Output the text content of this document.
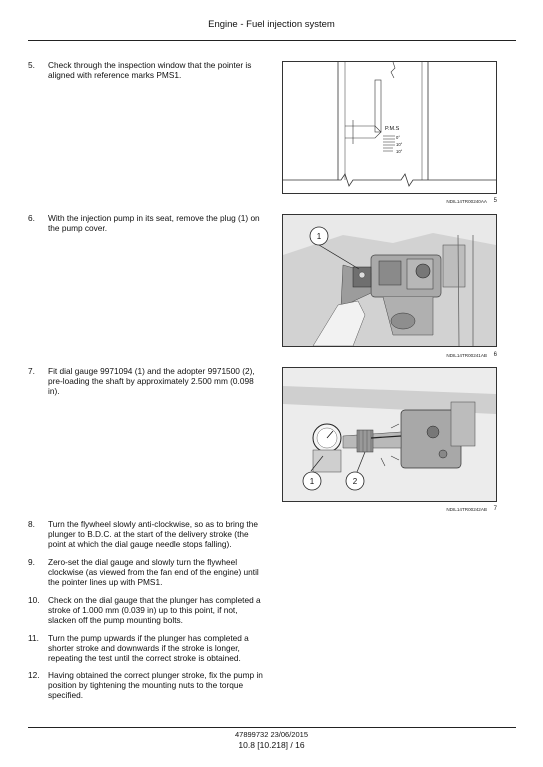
Engine - Fuel injection system
5. Check through the inspection window that the pointer is aligned with reference marks PMS1.
6. With the injection pump in its seat, remove the plug (1) on the pump cover.
7. Fit dial gauge 9971094 (1) and the adopter 9971500 (2), pre-loading the shaft by approximately 2.500 mm (0.098 in).
P.M.S
0°
10°
10°
NDIL14TR00240AA 5
1
NDIL14TR00241AB 6
1	2
NDIL14TR00242AB 7
8. Turn the flywheel slowly anti-clockwise, so as to bring the plunger to B.D.C. at the start of the delivery stroke (the point at which the dial gauge needle stops falling).
9. Zero-set the dial gauge and slowly turn the flywheel clockwise (as viewed from the fan end of the engine) until the pointer lines up with PMS1.
10. Check on the dial gauge that the plunger has completed a stroke of 1.000 mm (0.039 in) up to this point, if not, slacken off the pump mounting bolts.
11. Turn the pump upwards if the plunger has completed a shorter stroke and downwards if the stroke is longer, repeating the test until the correct stroke is obtained.
12. Having obtained the correct plunger stroke, fix the pump in position by tightening the mounting nuts to the torque specified.
47899732 23/06/2015
10.8 [10.218] / 16
